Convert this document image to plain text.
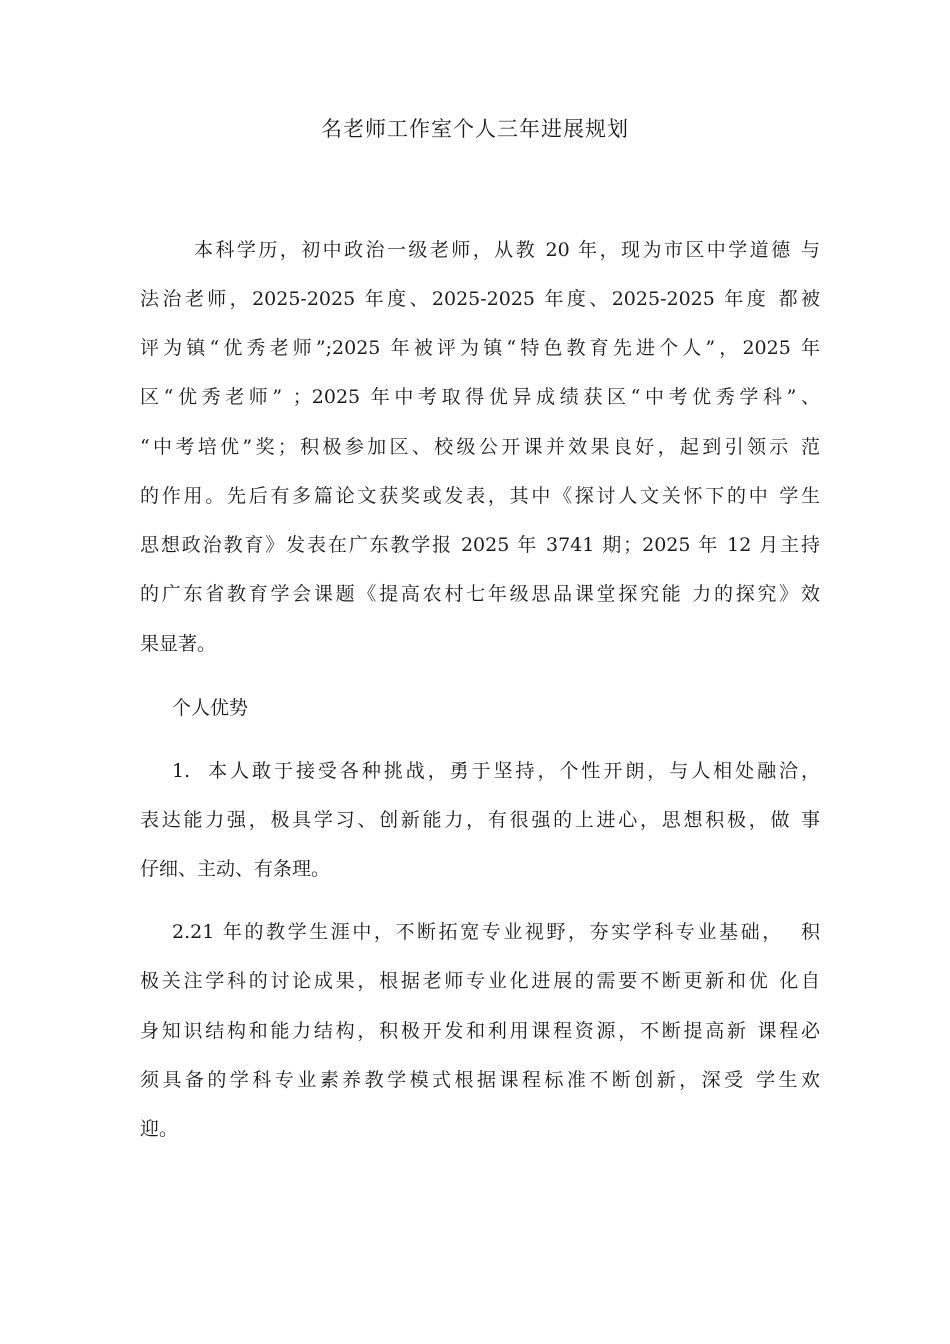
名老师工作室个人三年进展规划
本科学历，初中政治一级老师，从教 20 年，现为市区中学道德 与
法治老师，2025-2025 年度、2025-2025 年度、2025-2025 年度 都被
评为镇“优秀老师”;2025 年被评为镇“特色教育先进个人”，2025 年
区“优秀老师” ；2025 年中考取得优异成绩获区“中考优秀学科”、
“中考培优”奖；积极参加区、校级公开课并效果良好，起到引领示 范
的作用。先后有多篇论文获奖或发表，其中《探讨人文关怀下的中 学生
思想政治教育》发表在广东教学报 2025 年 3741 期；2025 年 12 月主持
的广东省教育学会课题《提高农村七年级思品课堂探究能 力的探究》效
果显著。
个人优势
1.  本人敢于接受各种挑战，勇于坚持，个性开朗，与人相处融洽，
表达能力强，极具学习、创新能力，有很强的上进心，思想积极，做 事
仔细、主动、有条理。
2.21 年的教学生涯中，不断拓宽专业视野，夯实学科专业基础，  积
极关注学科的讨论成果，根据老师专业化进展的需要不断更新和优 化自
身知识结构和能力结构，积极开发和利用课程资源，不断提高新 课程必
须具备的学科专业素养教学模式根据课程标准不断创新，深受 学生欢
迎。
